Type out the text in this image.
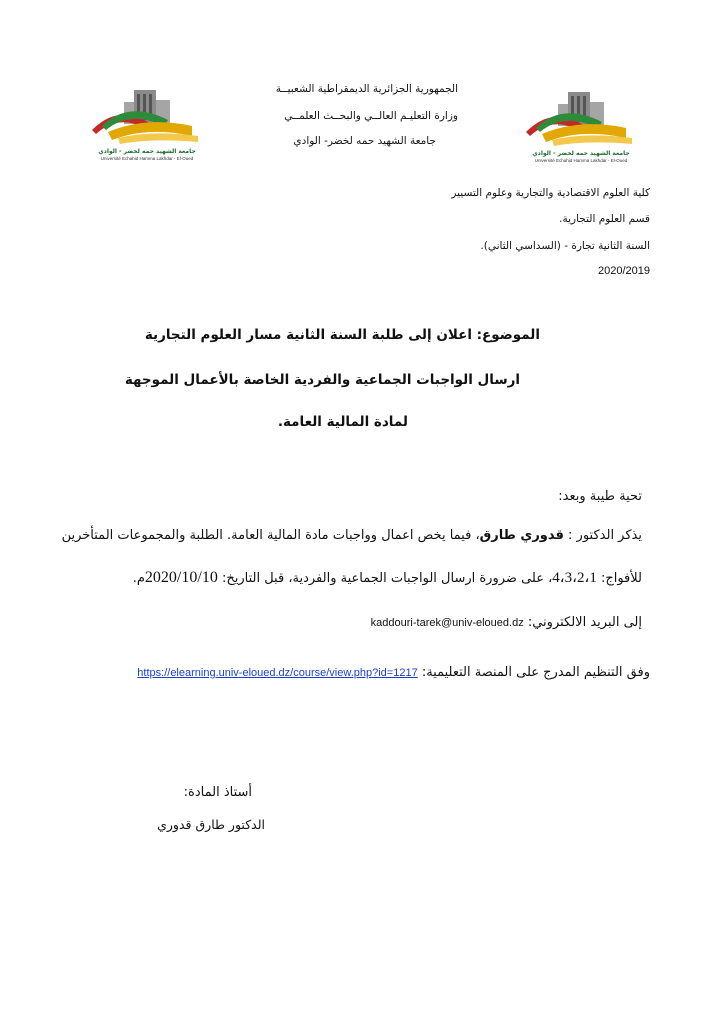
جامعة الشهيد حمه لخضر - الوادي
Université Echahid Hamma Lakhdar - El-Oued
جامعة الشهيد حمه لخضر - الوادي
Université Echahid Hamma Lakhdar - El-Oued
الجمهورية الجزائرية الديمقراطية الشعبيــة
وزارة التعليـم العالــي والبحــث العلمــي
جامعة الشهيد حمه لخضر- الوادي
كلية العلوم الاقتصادية والتجارية وعلوم التسيير
قسم العلوم التجارية.
السنة الثانية تجارة - (السداسي الثاني).
2020/2019
الموضوع: اعلان إلى طلبة السنة الثانية مسار العلوم التجارية
ارسال الواجبات الجماعية والفردية الخاصة بالأعمال الموجهة
لمادة المالية العامة.
تحية طيبة وبعد:
يذكر الدكتور : قدوري طارق، فيما يخص اعمال وواجبات مادة المالية العامة. الطلبة والمجموعات المتأخرين
للأفواج: 4،3،2،1، على ضرورة ارسال الواجبات الجماعية والفردية، قبل التاريخ: 2020/10/10م.
إلى البريد الالكتروني: kaddouri-tarek@univ-eloued.dz
وفق التنظيم المدرج على المنصة التعليمية: https://elearning.univ-eloued.dz/course/view.php?id=1217
أستاذ المادة:
الدكتور طارق قدوري
